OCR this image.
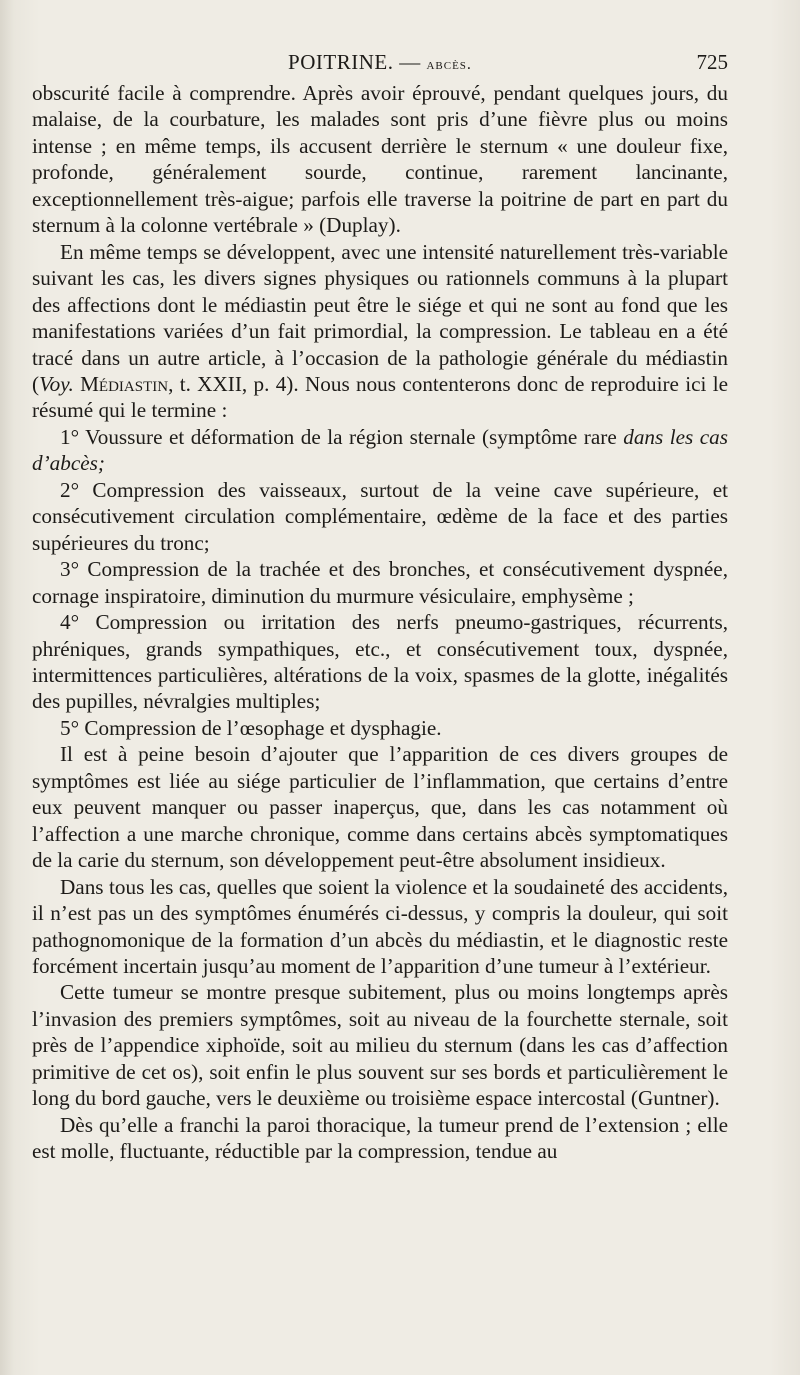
POITRINE. — abcès.	725

obscurité facile à comprendre. Après avoir éprouvé, pendant quelques jours, du malaise, de la courbature, les malades sont pris d’une fièvre plus ou moins intense ; en même temps, ils accusent derrière le sternum « une douleur fixe, profonde, généralement sourde, continue, rarement lancinante, exceptionnellement très-aigue; parfois elle traverse la poitrine de part en part du sternum à la colonne vertébrale » (Duplay).

En même temps se développent, avec une intensité naturellement très-variable suivant les cas, les divers signes physiques ou rationnels communs à la plupart des affections dont le médiastin peut être le siége et qui ne sont au fond que les manifestations variées d’un fait primordial, la compression. Le tableau en a été tracé dans un autre article, à l’occasion de la pathologie générale du médiastin (Voy. Médiastin, t. XXII, p. 4). Nous nous contenterons donc de reproduire ici le résumé qui le termine :

1° Voussure et déformation de la région sternale (symptôme rare dans les cas d’abcès;

2° Compression des vaisseaux, surtout de la veine cave supérieure, et consécutivement circulation complémentaire, œdème de la face et des parties supérieures du tronc;

3° Compression de la trachée et des bronches, et consécutivement dyspnée, cornage inspiratoire, diminution du murmure vésiculaire, emphysème ;

4° Compression ou irritation des nerfs pneumo-gastriques, récurrents, phréniques, grands sympathiques, etc., et consécutivement toux, dyspnée, intermittences particulières, altérations de la voix, spasmes de la glotte, inégalités des pupilles, névralgies multiples;

5° Compression de l’œsophage et dysphagie.

Il est à peine besoin d’ajouter que l’apparition de ces divers groupes de symptômes est liée au siége particulier de l’inflammation, que certains d’entre eux peuvent manquer ou passer inaperçus, que, dans les cas notamment où l’affection a une marche chronique, comme dans certains abcès symptomatiques de la carie du sternum, son développement peut-être absolument insidieux.

Dans tous les cas, quelles que soient la violence et la soudaineté des accidents, il n’est pas un des symptômes énumérés ci-dessus, y compris la douleur, qui soit pathognomonique de la formation d’un abcès du médiastin, et le diagnostic reste forcément incertain jusqu’au moment de l’apparition d’une tumeur à l’extérieur.

Cette tumeur se montre presque subitement, plus ou moins longtemps après l’invasion des premiers symptômes, soit au niveau de la fourchette sternale, soit près de l’appendice xiphoïde, soit au milieu du sternum (dans les cas d’affection primitive de cet os), soit enfin le plus souvent sur ses bords et particulièrement le long du bord gauche, vers le deuxième ou troisième espace intercostal (Guntner).

Dès qu’elle a franchi la paroi thoracique, la tumeur prend de l’extension ; elle est molle, fluctuante, réductible par la compression, tendue au
